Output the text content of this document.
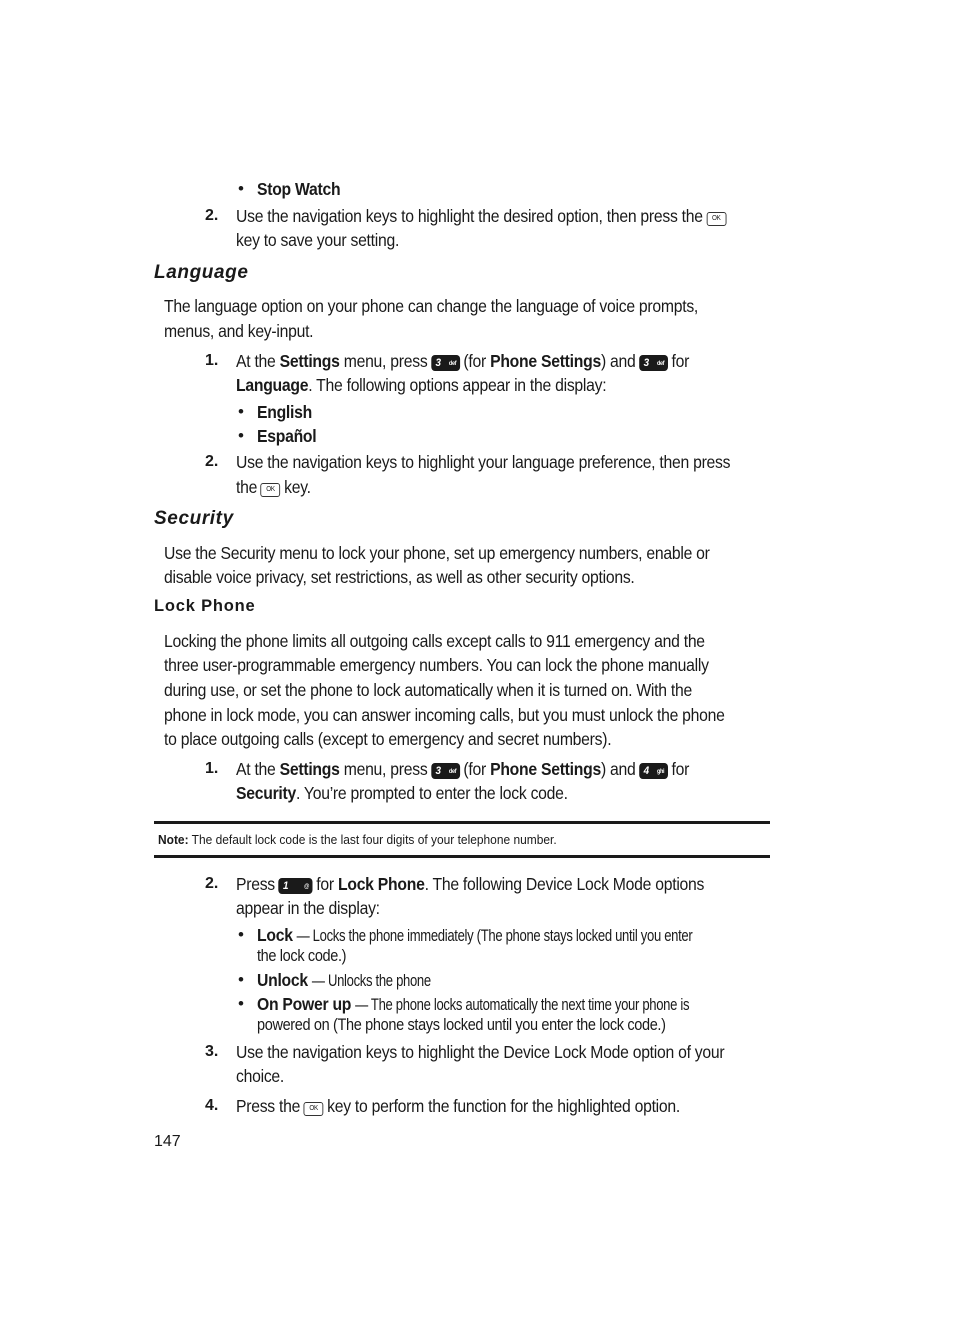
• Stop Watch
2. Use the navigation keys to highlight the desired option, then press the OK
key to save your setting.
Language
The language option on your phone can change the language of voice prompts,
menus, and key-input.
1. At the Settings menu, press 3 def (for Phone Settings) and 3 def for
Language. The following options appear in the display:
• English
• Español
2. Use the navigation keys to highlight your language preference, then press
the OK key.
Security
Use the Security menu to lock your phone, set up emergency numbers, enable or
disable voice privacy, set restrictions, as well as other security options.
Lock Phone
Locking the phone limits all outgoing calls except calls to 911 emergency and the
three user-programmable emergency numbers. You can lock the phone manually
during use, or set the phone to lock automatically when it is turned on. With the
phone in lock mode, you can answer incoming calls, but you must unlock the phone
to place outgoing calls (except to emergency and secret numbers).
1. At the Settings menu, press 3 def (for Phone Settings) and 4 ghi for
Security. You’re prompted to enter the lock code.
Note: The default lock code is the last four digits of your telephone number.
2. Press 1	@ for Lock Phone. The following Device Lock Mode options
appear in the display:
• Lock — Locks the phone immediately (The phone stays locked until you enter
the lock code.)
• Unlock — Unlocks the phone
• On Power up — The phone locks automatically the next time your phone is
powered on (The phone stays locked until you enter the lock code.)
3. Use the navigation keys to highlight the Device Lock Mode option of your
choice.
4. Press the OK key to perform the function for the highlighted option.
147
